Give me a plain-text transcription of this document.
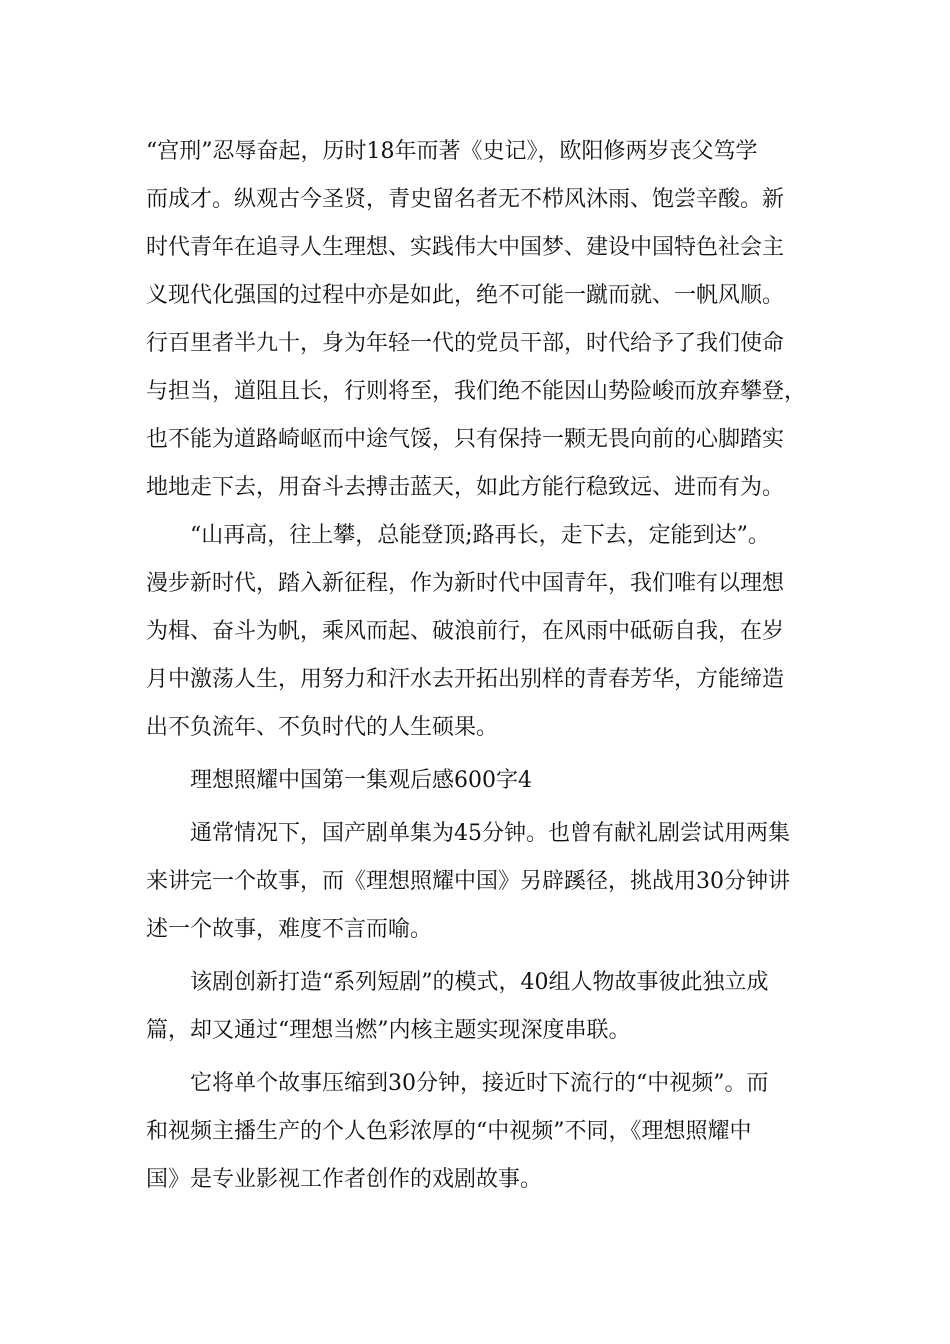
“宫刑”忍辱奋起，历时18年而著《史记》，欧阳修两岁丧父笃学
而成才。纵观古今圣贤，青史留名者无不栉风沐雨、饱尝辛酸。新
时代青年在追寻人生理想、实践伟大中国梦、建设中国特色社会主
义现代化强国的过程中亦是如此，绝不可能一蹴而就、一帆风顺。
行百里者半九十，身为年轻一代的党员干部，时代给予了我们使命
与担当，道阻且长，行则将至，我们绝不能因山势险峻而放弃攀登，
也不能为道路崎岖而中途气馁，只有保持一颗无畏向前的心脚踏实
地地走下去，用奋斗去搏击蓝天，如此方能行稳致远、进而有为。
“山再高，往上攀，总能登顶;路再长，走下去，定能到达”。
漫步新时代，踏入新征程，作为新时代中国青年，我们唯有以理想
为楫、奋斗为帆，乘风而起、破浪前行，在风雨中砥砺自我，在岁
月中激荡人生，用努力和汗水去开拓出别样的青春芳华，方能缔造
出不负流年、不负时代的人生硕果。
理想照耀中国第一集观后感600字4
通常情况下，国产剧单集为45分钟。也曾有献礼剧尝试用两集
来讲完一个故事，而《理想照耀中国》另辟蹊径，挑战用30分钟讲
述一个故事，难度不言而喻。
该剧创新打造“系列短剧”的模式，40组人物故事彼此独立成
篇，却又通过“理想当燃”内核主题实现深度串联。
它将单个故事压缩到30分钟，接近时下流行的“中视频”。而
和视频主播生产的个人色彩浓厚的“中视频”不同，《理想照耀中
国》是专业影视工作者创作的戏剧故事。
